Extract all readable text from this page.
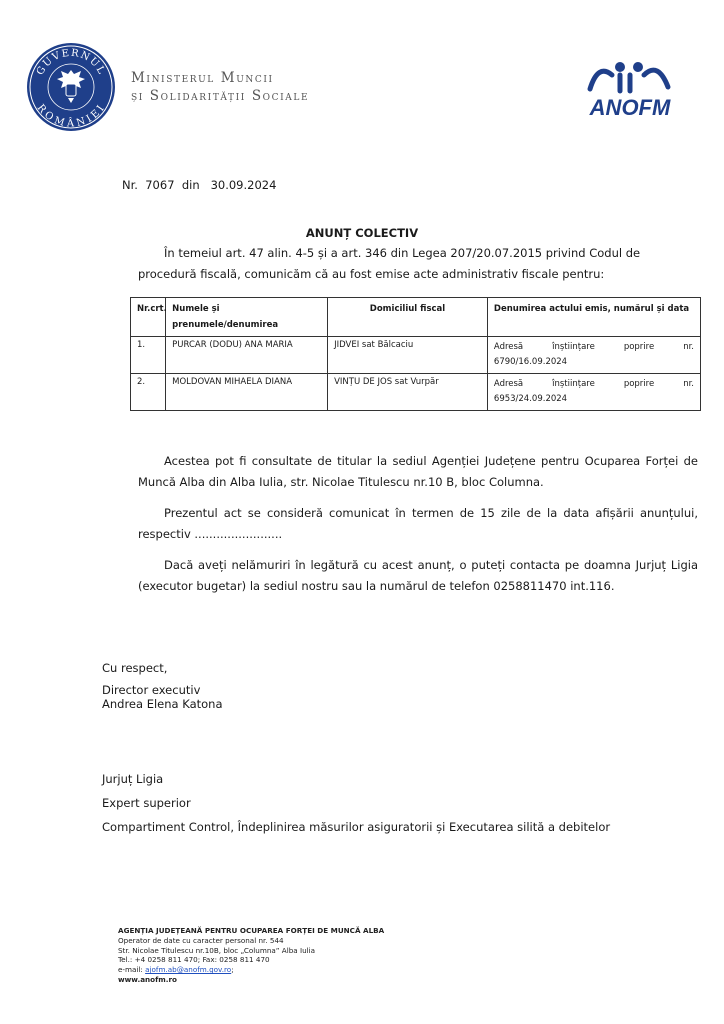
GUVERNUL
ROMÂNIEI
Ministerul Muncii
și Solidarității Sociale	ANOFM
Nr.  7067  din   30.09.2024
ANUNȚ COLECTIV
În temeiul art. 47 alin. 4-5 și a art. 346 din Legea 207/20.07.2015 privind Codul de procedură fiscală, comunicăm că au fost emise acte administrativ fiscale pentru:
Nr.crt.	Numele și prenumele/denumirea	Domiciliul fiscal	Denumirea actului emis, numărul și data
1.	PURCAR (DODU) ANA MARIA	JIDVEI sat Bălcaciu	Adresă    înștiințare    poprire    nr.
6790/16.09.2024

2.	MOLDOVAN MIHAELA DIANA	VINȚU DE JOS sat Vurpăr	Adresă    înștiințare    poprire    nr.
6953/24.09.2024
Acestea pot fi consultate de titular la sediul Agenției Județene pentru Ocuparea Forței de Muncă Alba din Alba Iulia, str. Nicolae Titulescu nr.10 B, bloc Columna.
Prezentul act se consideră comunicat în termen de 15 zile de la data afișării anunțului, respectiv ........................
Dacă aveți nelămuriri în legătură cu acest anunț, o puteți contacta pe doamna Jurjuț Ligia (executor bugetar) la sediul nostru sau la numărul de telefon 0258811470 int.116.
Cu respect,
Director executiv
Andrea Elena Katona
Jurjuț Ligia
Expert superior
Compartiment Control, Îndeplinirea măsurilor asiguratorii și Executarea silită a debitelor
AGENȚIA JUDEȚEANĂ PENTRU OCUPAREA FORȚEI DE MUNCĂ ALBA
Operator de date cu caracter personal nr. 544
Str. Nicolae Titulescu nr.10B, bloc „Columna” Alba Iulia
Tel.: +4 0258 811 470; Fax: 0258 811 470
e-mail: ajofm.ab@anofm.gov.ro;
www.anofm.ro
